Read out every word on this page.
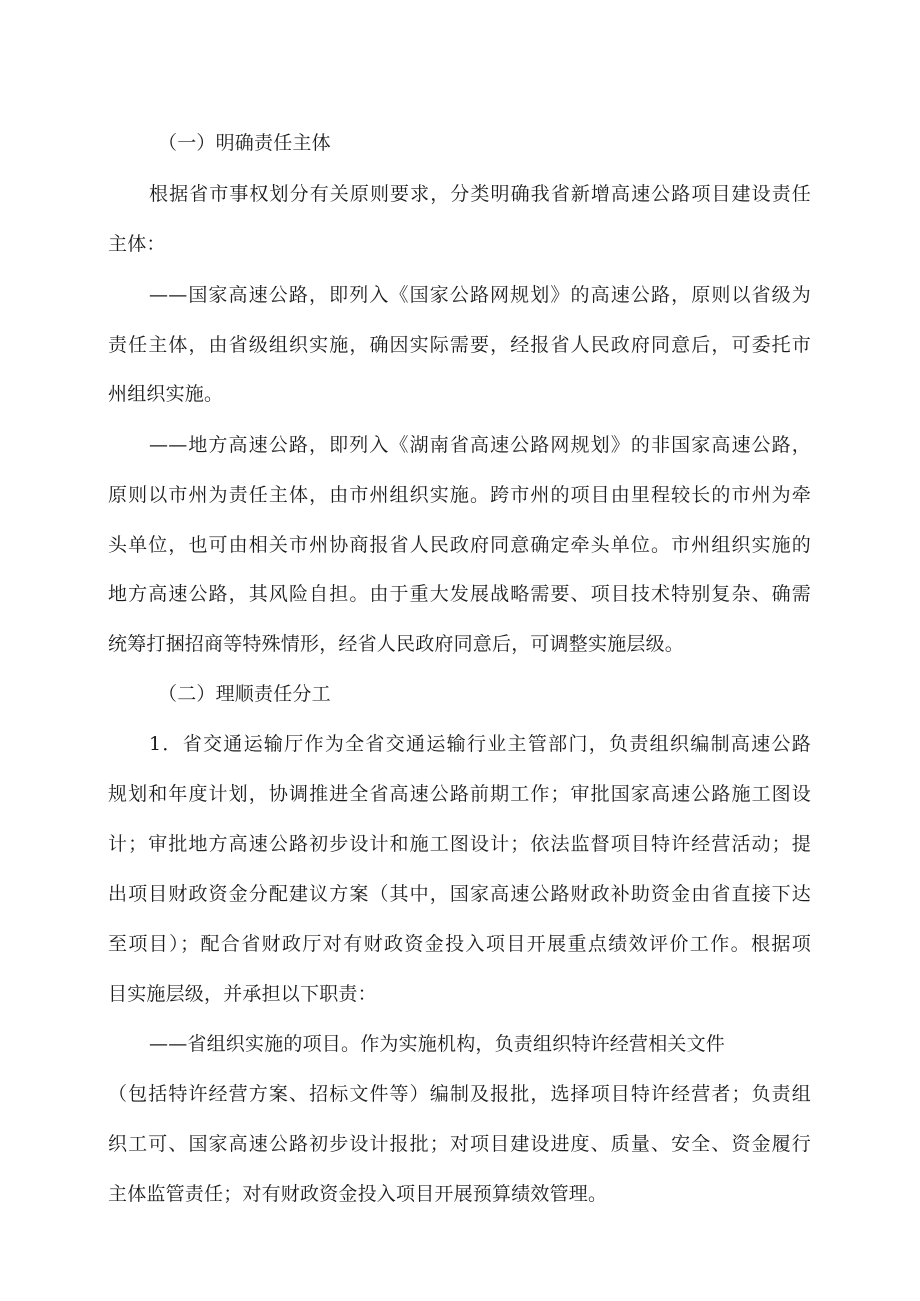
（一）明确责任主体
根据省市事权划分有关原则要求，分类明确我省新增高速公路项目建设责任
主体：
——国家高速公路，即列入《国家公路网规划》的高速公路，原则以省级为
责任主体，由省级组织实施，确因实际需要，经报省人民政府同意后，可委托市
州组织实施。
——地方高速公路，即列入《湖南省高速公路网规划》的非国家高速公路，
原则以市州为责任主体，由市州组织实施。跨市州的项目由里程较长的市州为牵
头单位，也可由相关市州协商报省人民政府同意确定牵头单位。市州组织实施的
地方高速公路，其风险自担。由于重大发展战略需要、项目技术特别复杂、确需
统筹打捆招商等特殊情形，经省人民政府同意后，可调整实施层级。
（二）理顺责任分工
1．省交通运输厅作为全省交通运输行业主管部门，负责组织编制高速公路
规划和年度计划，协调推进全省高速公路前期工作；审批国家高速公路施工图设
计；审批地方高速公路初步设计和施工图设计；依法监督项目特许经营活动；提
出项目财政资金分配建议方案（其中，国家高速公路财政补助资金由省直接下达
至项目）；配合省财政厅对有财政资金投入项目开展重点绩效评价工作。根据项
目实施层级，并承担以下职责：
——省组织实施的项目。作为实施机构，负责组织特许经营相关文件
（包括特许经营方案、招标文件等）编制及报批，选择项目特许经营者；负责组
织工可、国家高速公路初步设计报批；对项目建设进度、质量、安全、资金履行
主体监管责任；对有财政资金投入项目开展预算绩效管理。
